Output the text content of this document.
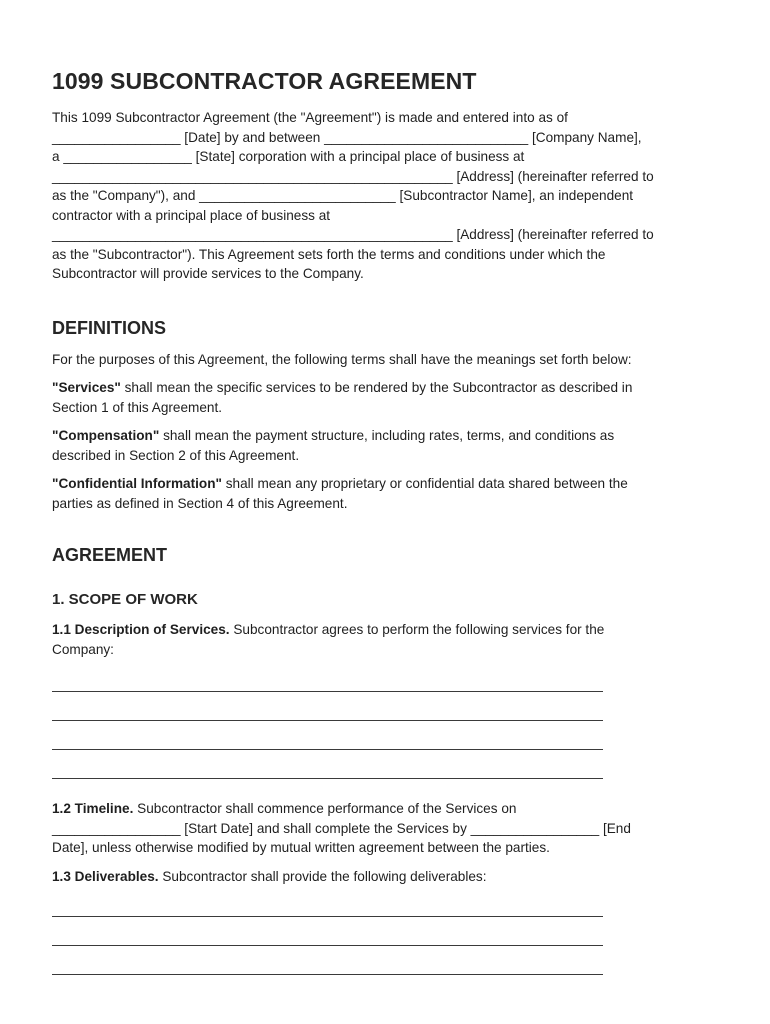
1099 SUBCONTRACTOR AGREEMENT
This 1099 Subcontractor Agreement (the "Agreement") is made and entered into as of
_________________ [Date] by and between ___________________________ [Company Name],
a _________________ [State] corporation with a principal place of business at
_____________________________________________________ [Address] (hereinafter referred to
as the "Company"), and __________________________ [Subcontractor Name], an independent
contractor with a principal place of business at
_____________________________________________________ [Address] (hereinafter referred to
as the "Subcontractor"). This Agreement sets forth the terms and conditions under which the
Subcontractor will provide services to the Company.
DEFINITIONS

For the purposes of this Agreement, the following terms shall have the meanings set forth below:

"Services" shall mean the specific services to be rendered by the Subcontractor as described in
Section 1 of this Agreement.
"Compensation" shall mean the payment structure, including rates, terms, and conditions as
described in Section 2 of this Agreement.
"Confidential Information" shall mean any proprietary or confidential data shared between the
parties as defined in Section 4 of this Agreement.
AGREEMENT
1. SCOPE OF WORK
1.1 Description of Services. Subcontractor agrees to perform the following services for the
Company:
1.2 Timeline. Subcontractor shall commence performance of the Services on
_________________ [Start Date] and shall complete the Services by _________________ [End
Date], unless otherwise modified by mutual written agreement between the parties.
1.3 Deliverables. Subcontractor shall provide the following deliverables:
